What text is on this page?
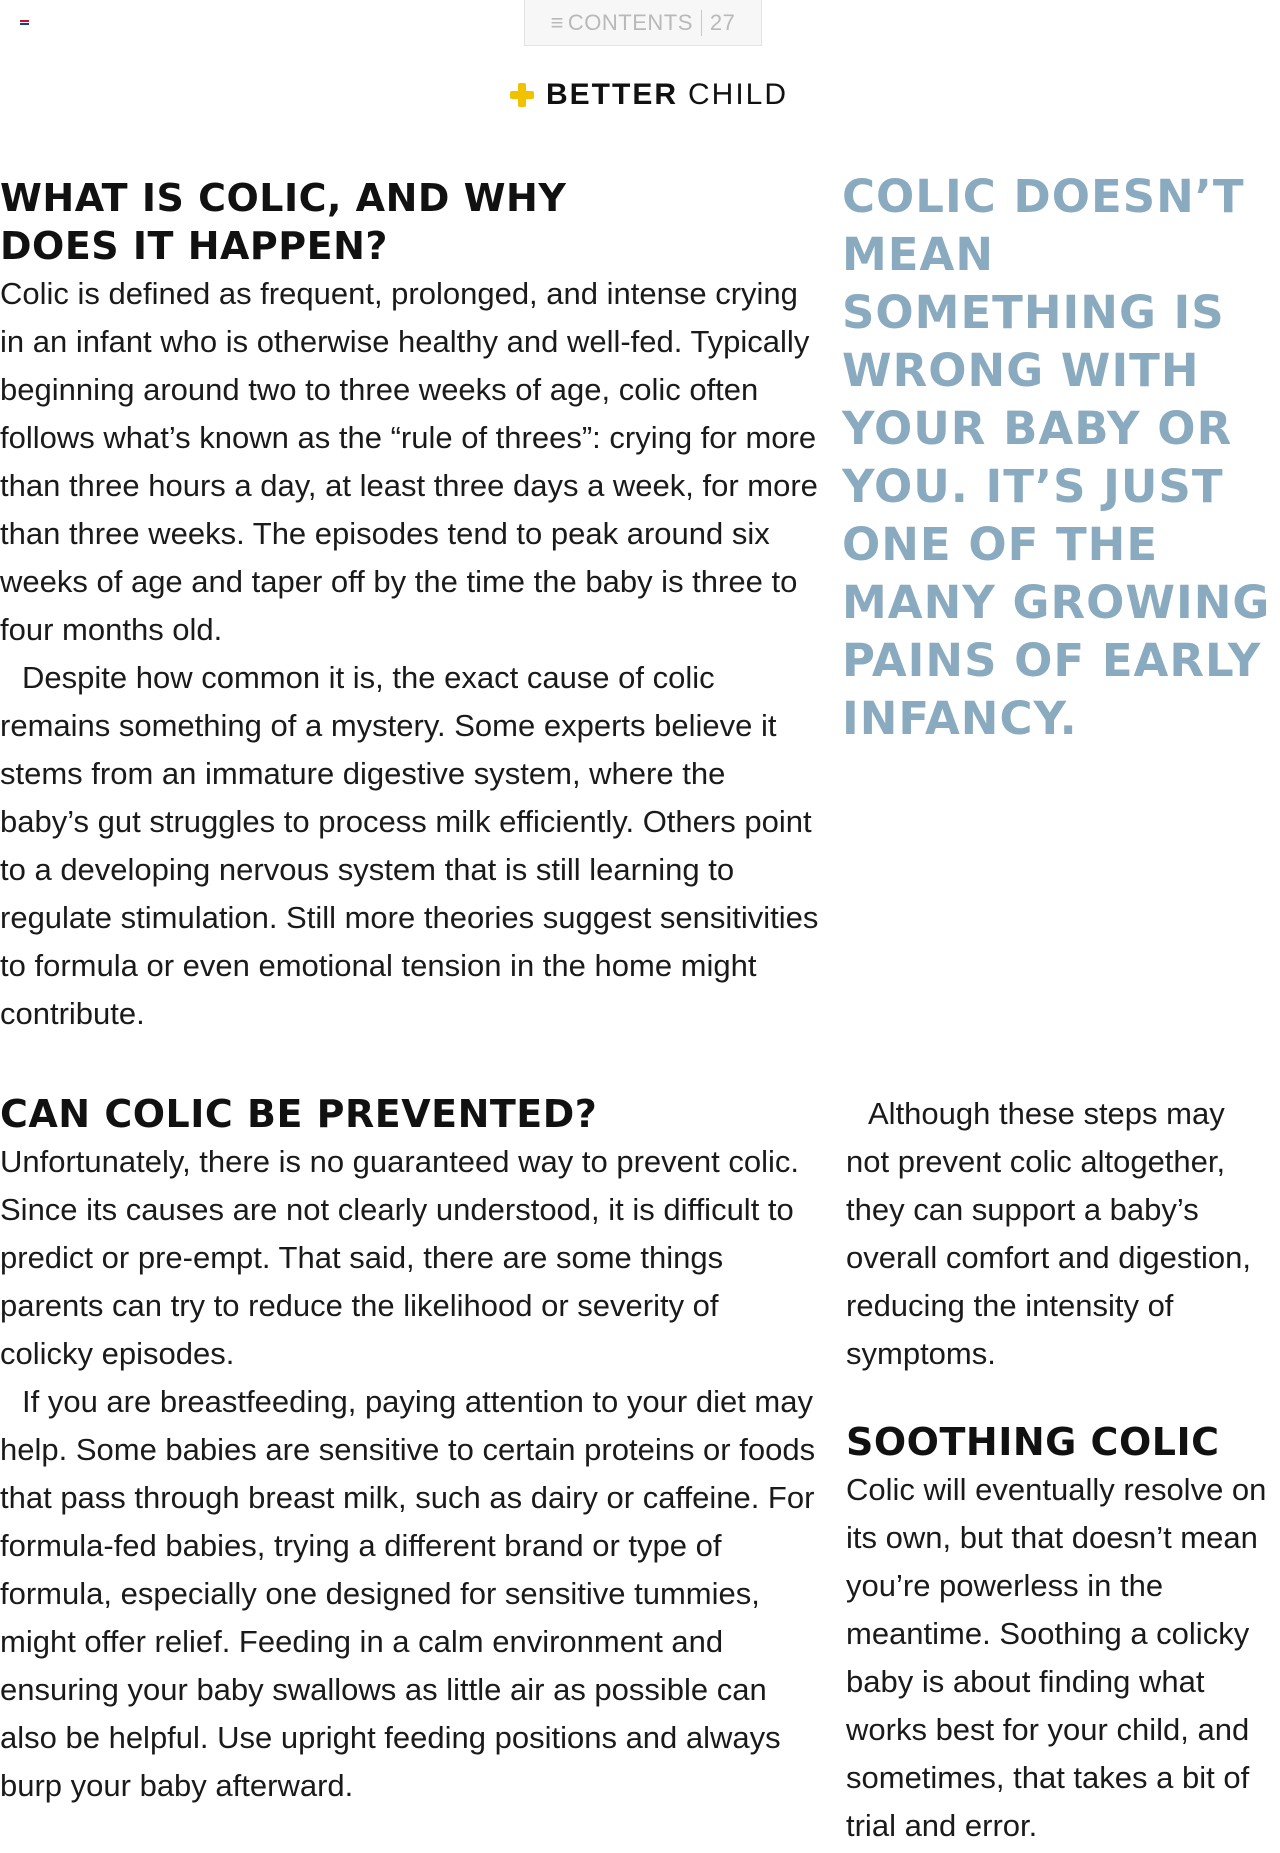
≡ CONTENTS 27
BETTER CHILD
WHAT IS COLIC, AND WHY
DOES IT HAPPEN?

Colic is defined as frequent, prolonged, and intense crying in an infant who is otherwise healthy and well-fed. Typically beginning around two to three weeks of age, colic often follows what’s known as the “rule of threes”: crying for more than three hours a day, at least three days a week, for more than three weeks. The episodes tend to peak around six weeks of age and taper off by the time the baby is three to four months old.

Despite how common it is, the exact cause of colic remains something of a mystery. Some experts believe it stems from an immature digestive system, where the baby’s gut struggles to process milk efficiently. Others point to a developing nervous system that is still learning to regulate stimulation. Still more theories suggest sensitivities to formula or even emotional tension in the home might contribute.

COLIC DOESN’T MEAN SOMETHING IS WRONG WITH YOUR BABY OR YOU. IT’S JUST ONE OF THE MANY GROWING PAINS OF EARLY INFANCY.

CAN COLIC BE PREVENTED?

Unfortunately, there is no guaranteed way to prevent colic. Since its causes are not clearly understood, it is difficult to predict or pre-empt. That said, there are some things parents can try to reduce the likelihood or severity of colicky episodes.

If you are breastfeeding, paying attention to your diet may help. Some babies are sensitive to certain proteins or foods that pass through breast milk, such as dairy or caffeine. For formula-fed babies, trying a different brand or type of formula, especially one designed for sensitive tummies, might offer relief. Feeding in a calm environment and ensuring your baby swallows as little air as possible can also be helpful. Use upright feeding positions and always burp your baby afterward.

Although these steps may not prevent colic altogether, they can support a baby’s overall comfort and digestion, reducing the intensity of symptoms.

SOOTHING COLIC

Colic will eventually resolve on its own, but that doesn’t mean you’re powerless in the meantime. Soothing a colicky baby is about finding what works best for your child, and sometimes, that takes a bit of trial and error.
